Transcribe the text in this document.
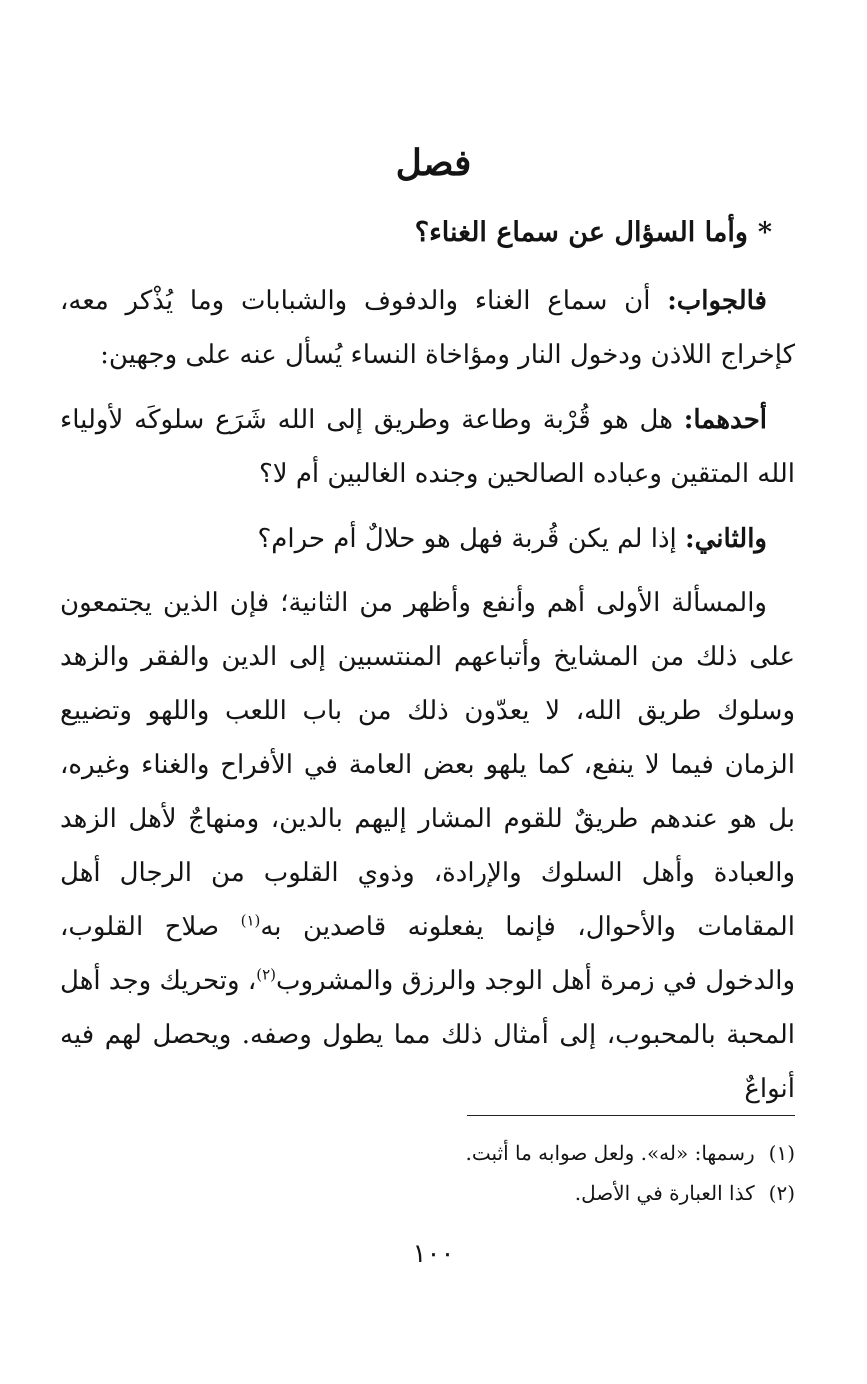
فصل
*وأما السؤال عن سماع الغناء؟
فالجواب: أن سماع الغناء والدفوف والشبابات وما يُذْكر معه، كإخراج اللاذن ودخول النار ومؤاخاة النساء يُسأل عنه على وجهين:
أحدهما: هل هو قُرْبة وطاعة وطريق إلى الله شَرَع سلوكَه لأولياء الله المتقين وعباده الصالحين وجنده الغالبين أم لا؟
والثاني: إذا لم يكن قُربة فهل هو حلالٌ أم حرام؟
والمسألة الأولى أهم وأنفع وأظهر من الثانية؛ فإن الذين يجتمعون على ذلك من المشايخ وأتباعهم المنتسبين إلى الدين والفقر والزهد وسلوك طريق الله، لا يعدّون ذلك من باب اللعب واللهو وتضييع الزمان فيما لا ينفع، كما يلهو بعض العامة في الأفراح والغناء وغيره، بل هو عندهم طريقٌ للقوم المشار إليهم بالدين، ومنهاجٌ لأهل الزهد والعبادة وأهل السلوك والإرادة، وذوي القلوب من الرجال أهل المقامات والأحوال، فإنما يفعلونه قاصدين به$^{(١)}$ صلاح القلوب، والدخول في زمرة أهل الوجد والرزق والمشروب$^{(٢)}$، وتحريك وجد أهل المحبة بالمحبوب، إلى أمثال ذلك مما يطول وصفه. ويحصل لهم فيه أنواعٌ
(١)رسمها: «له». ولعل صوابه ما أثبت.
(٢)كذا العبارة في الأصل.
١٠٠
